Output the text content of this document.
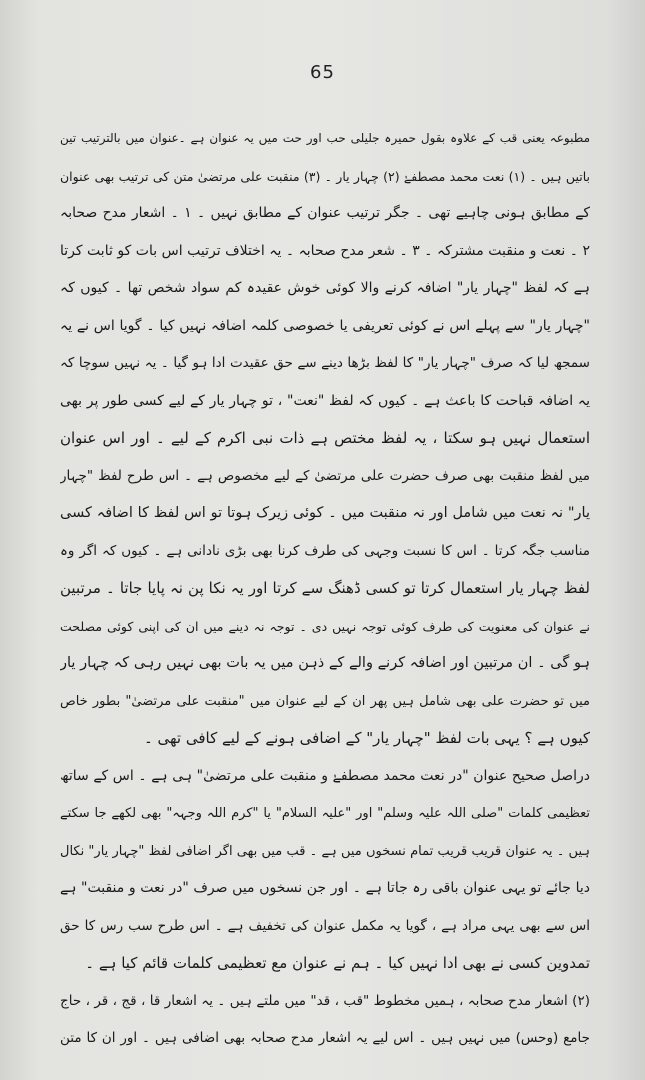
65
مطبوعہ یعنی قب کے علاوہ بقول حمیرہ جلیلی حب اور حت میں یہ عنوان ہے ۔عنوان میں بالترتیب تین
باتیں ہیں ۔ (۱) نعت محمد مصطفےٰ (۲) چہار یار ۔ (۳) منقبت علی مرتضیٰ متن کی ترتیب بھی عنوان
کے مطابق ہونی چاہیے تھی ۔ جگر ترتیب عنوان کے مطابق نہیں ۔ ۱ ۔ اشعار مدح صحابہ
۲ ۔ نعت و منقبت مشترکہ ۔ ۳ ۔ شعر مدح صحابہ ۔ یہ اختلاف ترتیب اس بات کو ثابت کرتا
ہے کہ لفظ "چہار یار" اضافہ کرنے والا کوئی خوش عقیدہ کم سواد شخص تھا ۔ کیوں کہ
"چہار یار" سے پہلے اس نے کوئی تعریفی یا خصوصی کلمہ اضافہ نہیں کیا ۔ گویا اس نے یہ
سمجھ لیا کہ صرف "چہار یار" کا لفظ بڑھا دینے سے حق عقیدت ادا ہو گیا ۔ یہ نہیں سوچا کہ
یہ اضافہ قباحت کا باعث ہے ۔ کیوں کہ لفظ "نعت" ، تو چہار یار کے لیے کسی طور پر بھی
استعمال نہیں ہو سکتا ، یہ لفظ مختص ہے ذات نبی اکرم کے لیے ۔ اور اس عنوان
میں لفظ منقبت بھی صرف حضرت علی مرتضیٰ کے لیے مخصوص ہے ۔ اس طرح لفظ "چہار
یار" نہ نعت میں شامل اور نہ منقبت میں ۔ کوئی زیرک ہوتا تو اس لفظ کا اضافہ کسی
مناسب جگہ کرتا ۔ اس کا نسبت وجہی کی طرف کرنا بھی بڑی نادانی ہے ۔ کیوں کہ اگر وہ
لفظ چہار یار استعمال کرتا تو کسی ڈھنگ سے کرتا اور یہ نکا پن نہ پایا جاتا ۔ مرتبین
نے عنوان کی معنویت کی طرف کوئی توجہ نہیں دی ۔ توجہ نہ دینے میں ان کی اپنی کوئی مصلحت
ہو گی ۔ ان مرتبین اور اضافہ کرنے والے کے ذہن میں یہ بات بھی نہیں رہی کہ چہار یار
میں تو حضرت علی بھی شامل ہیں پھر ان کے لیے عنوان میں "منقبت علی مرتضیٰ" بطور خاص
کیوں ہے ؟ یہی بات لفظ "چہار یار" کے اضافی ہونے کے لیے کافی تھی ۔
دراصل صحیح عنوان "در نعت محمد مصطفےٰ و منقبت علی مرتضیٰ" ہی ہے ۔ اس کے ساتھ
تعظیمی کلمات "صلی اللہ علیہ وسلم" اور "علیہ السلام" یا "کرم اللہ وجہہ" بھی لکھے جا سکتے
ہیں ۔ یہ عنوان قریب قریب تمام نسخوں میں ہے ۔ قب میں بھی اگر اضافی لفظ "چہار یار" نکال
دیا جائے تو یہی عنوان باقی رہ جاتا ہے ۔ اور جن نسخوں میں صرف "در نعت و منقبت" ہے
اس سے بھی یہی مراد ہے ، گویا یہ مکمل عنوان کی تخفیف ہے ۔ اس طرح سب رس کا حق
تمدوین کسی نے بھی ادا نہیں کیا ۔ ہم نے عنوان مع تعظیمی کلمات قائم کیا ہے ۔
(۲) اشعار مدح صحابہ ، ہمیں مخطوط "قب ، قد" میں ملتے ہیں ۔ یہ اشعار قا ، قج ، قر ، حاج
جامع (وحس) میں نہیں ہیں ۔ اس لیے یہ اشعار مدح صحابہ بھی اضافی ہیں ۔ اور ان کا متن
